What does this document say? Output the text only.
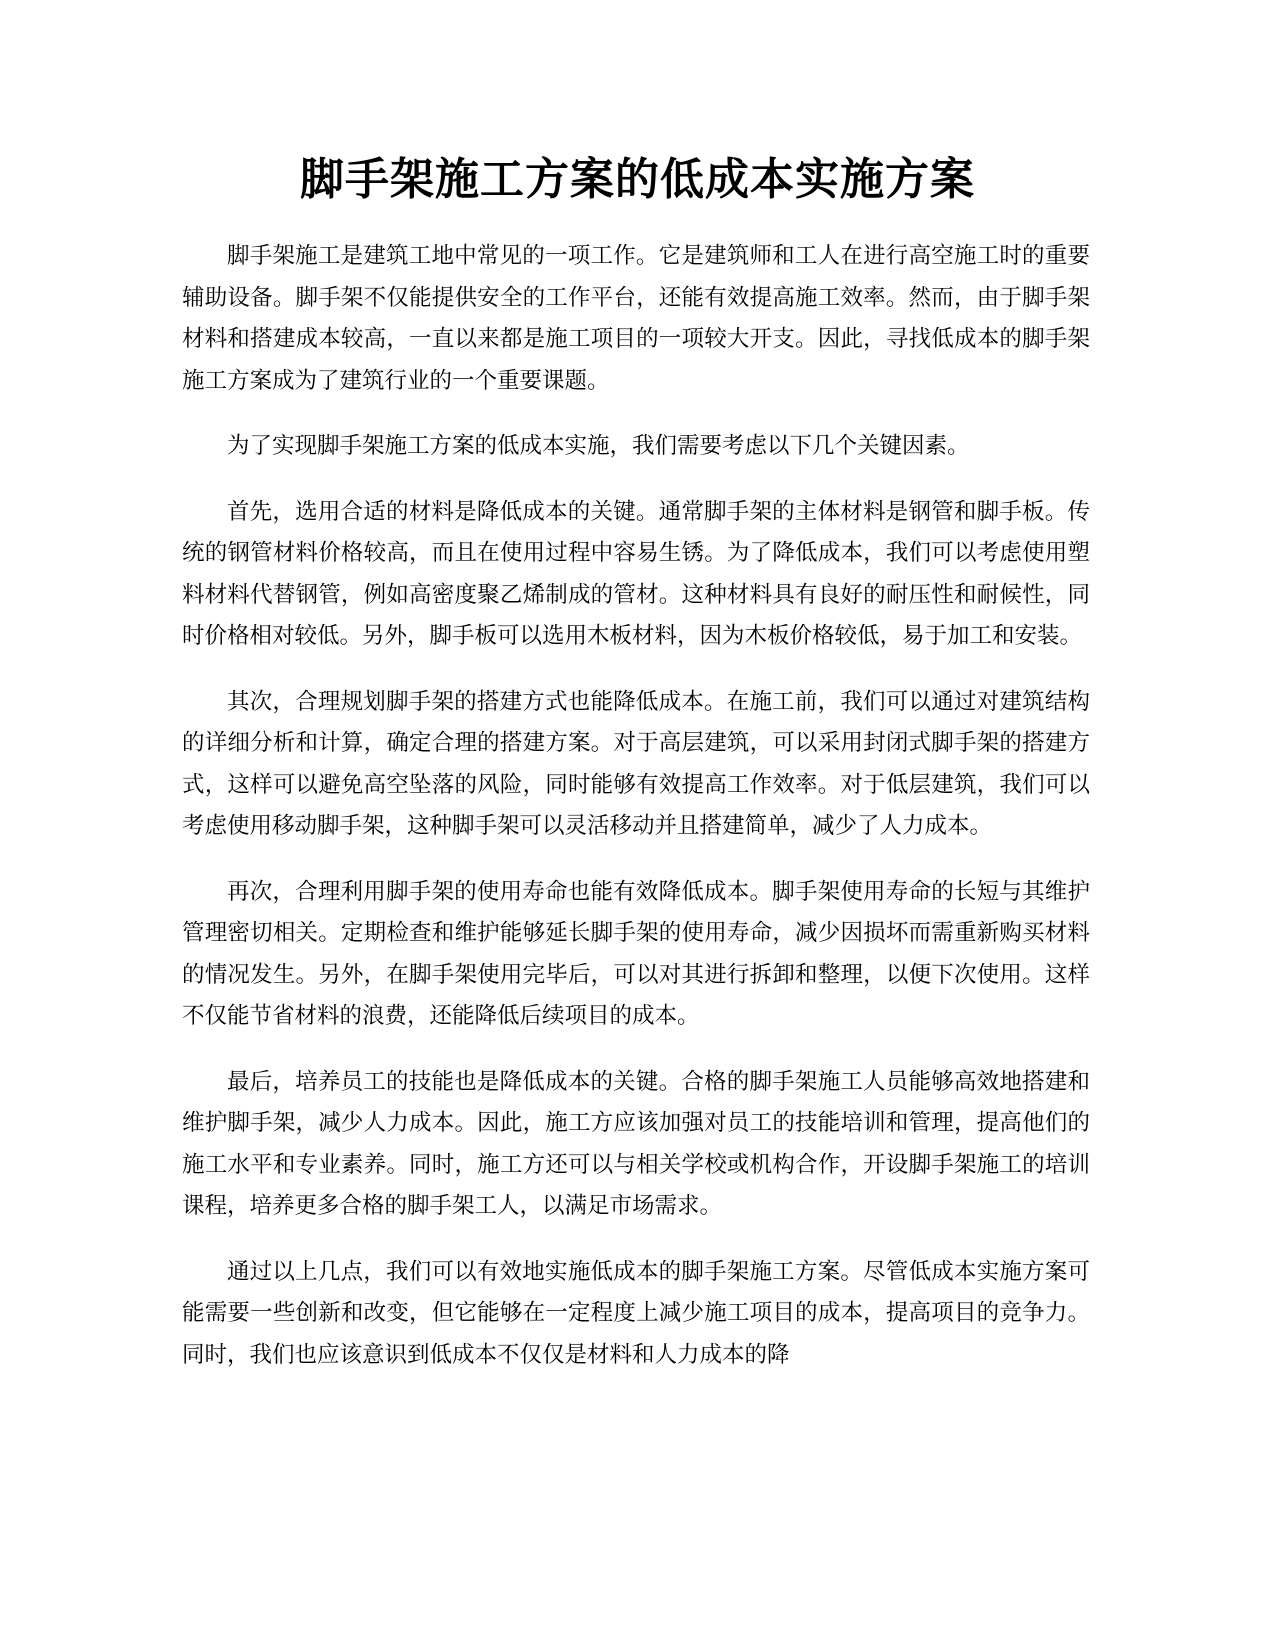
脚手架施工方案的低成本实施方案

脚手架施工是建筑工地中常见的一项工作。它是建筑师和工人在进行高空施工时的重要辅助设备。脚手架不仅能提供安全的工作平台，还能有效提高施工效率。然而，由于脚手架材料和搭建成本较高，一直以来都是施工项目的一项较大开支。因此，寻找低成本的脚手架施工方案成为了建筑行业的一个重要课题。

为了实现脚手架施工方案的低成本实施，我们需要考虑以下几个关键因素。

首先，选用合适的材料是降低成本的关键。通常脚手架的主体材料是钢管和脚手板。传统的钢管材料价格较高，而且在使用过程中容易生锈。为了降低成本，我们可以考虑使用塑料材料代替钢管，例如高密度聚乙烯制成的管材。这种材料具有良好的耐压性和耐候性，同时价格相对较低。另外，脚手板可以选用木板材料，因为木板价格较低，易于加工和安装。

其次，合理规划脚手架的搭建方式也能降低成本。在施工前，我们可以通过对建筑结构的详细分析和计算，确定合理的搭建方案。对于高层建筑，可以采用封闭式脚手架的搭建方式，这样可以避免高空坠落的风险，同时能够有效提高工作效率。对于低层建筑，我们可以考虑使用移动脚手架，这种脚手架可以灵活移动并且搭建简单，减少了人力成本。

再次，合理利用脚手架的使用寿命也能有效降低成本。脚手架使用寿命的长短与其维护管理密切相关。定期检查和维护能够延长脚手架的使用寿命，减少因损坏而需重新购买材料的情况发生。另外，在脚手架使用完毕后，可以对其进行拆卸和整理，以便下次使用。这样不仅能节省材料的浪费，还能降低后续项目的成本。

最后，培养员工的技能也是降低成本的关键。合格的脚手架施工人员能够高效地搭建和维护脚手架，减少人力成本。因此，施工方应该加强对员工的技能培训和管理，提高他们的施工水平和专业素养。同时，施工方还可以与相关学校或机构合作，开设脚手架施工的培训课程，培养更多合格的脚手架工人，以满足市场需求。

通过以上几点，我们可以有效地实施低成本的脚手架施工方案。尽管低成本实施方案可能需要一些创新和改变，但它能够在一定程度上减少施工项目的成本，提高项目的竞争力。同时，我们也应该意识到低成本不仅仅是材料和人力成本的降
